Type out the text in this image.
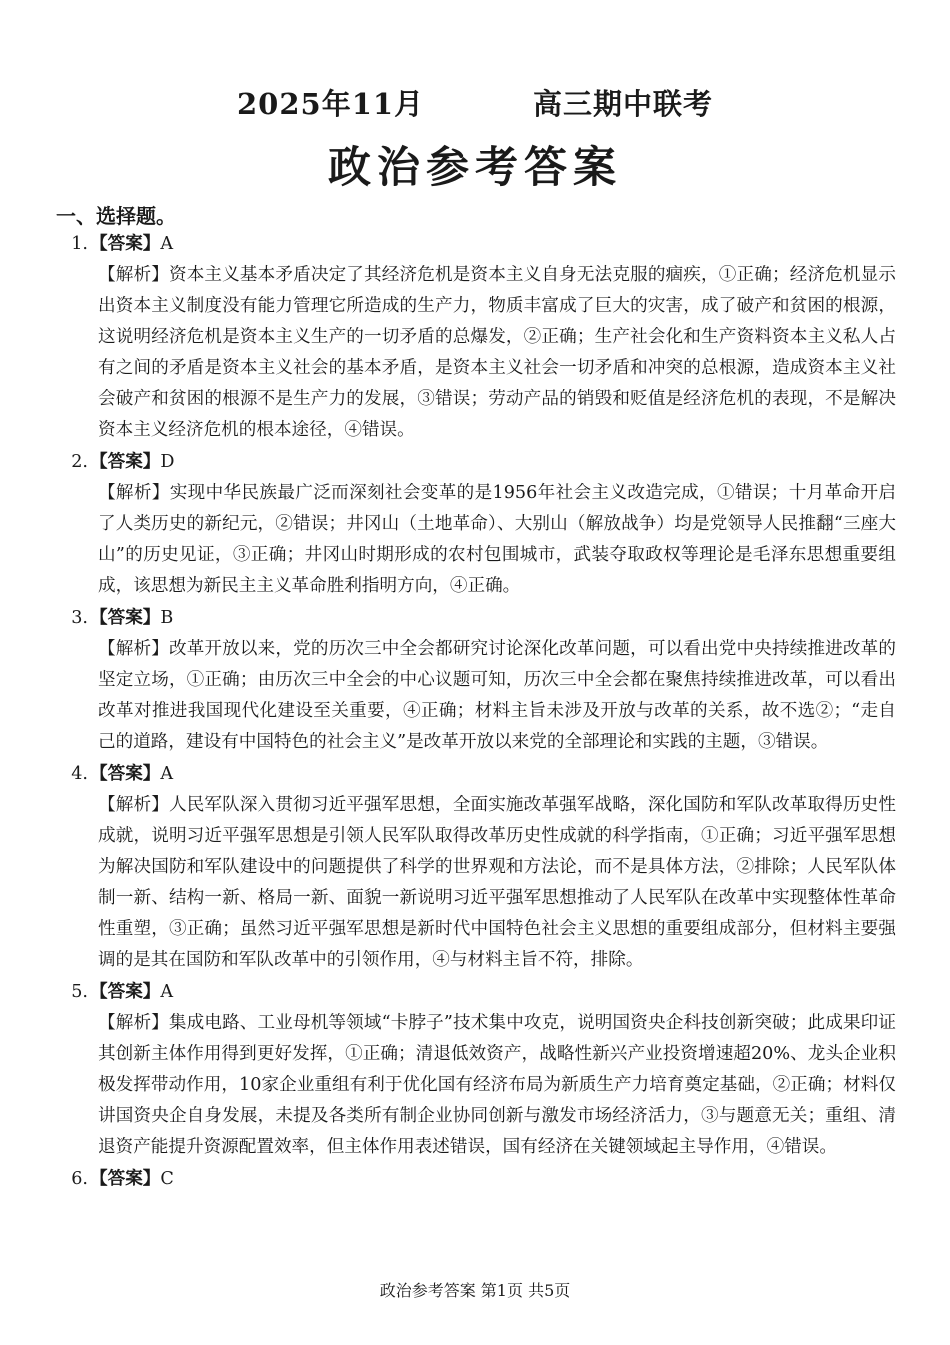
2025年11月	高三期中联考
政治参考答案
一、选择题。
1. 【答案】A
【解析】资本主义基本矛盾决定了其经济危机是资本主义自身无法克服的痼疾，①正确；经济危机显示出资本主义制度没有能力管理它所造成的生产力，物质丰富成了巨大的灾害，成了破产和贫困的根源，这说明经济危机是资本主义生产的一切矛盾的总爆发，②正确；生产社会化和生产资料资本主义私人占有之间的矛盾是资本主义社会的基本矛盾，是资本主义社会一切矛盾和冲突的总根源，造成资本主义社会破产和贫困的根源不是生产力的发展，③错误；劳动产品的销毁和贬值是经济危机的表现，不是解决资本主义经济危机的根本途径，④错误。
2. 【答案】D
【解析】实现中华民族最广泛而深刻社会变革的是1956年社会主义改造完成，①错误；十月革命开启了人类历史的新纪元，②错误；井冈山（土地革命）、大别山（解放战争）均是党领导人民推翻“三座大山”的历史见证，③正确；井冈山时期形成的农村包围城市，武装夺取政权等理论是毛泽东思想重要组成，该思想为新民主主义革命胜利指明方向，④正确。
3. 【答案】B
【解析】改革开放以来，党的历次三中全会都研究讨论深化改革问题，可以看出党中央持续推进改革的坚定立场，①正确；由历次三中全会的中心议题可知，历次三中全会都在聚焦持续推进改革，可以看出改革对推进我国现代化建设至关重要，④正确；材料主旨未涉及开放与改革的关系，故不选②；“走自己的道路，建设有中国特色的社会主义”是改革开放以来党的全部理论和实践的主题，③错误。
4. 【答案】A
【解析】人民军队深入贯彻习近平强军思想，全面实施改革强军战略，深化国防和军队改革取得历史性成就，说明习近平强军思想是引领人民军队取得改革历史性成就的科学指南，①正确；习近平强军思想为解决国防和军队建设中的问题提供了科学的世界观和方法论，而不是具体方法，②排除；人民军队体制一新、结构一新、格局一新、面貌一新说明习近平强军思想推动了人民军队在改革中实现整体性革命性重塑，③正确；虽然习近平强军思想是新时代中国特色社会主义思想的重要组成部分，但材料主要强调的是其在国防和军队改革中的引领作用，④与材料主旨不符，排除。
5. 【答案】A
【解析】集成电路、工业母机等领域“卡脖子”技术集中攻克，说明国资央企科技创新突破；此成果印证其创新主体作用得到更好发挥，①正确；清退低效资产，战略性新兴产业投资增速超20%、龙头企业积极发挥带动作用，10家企业重组有利于优化国有经济布局为新质生产力培育奠定基础，②正确；材料仅讲国资央企自身发展，未提及各类所有制企业协同创新与激发市场经济活力，③与题意无关；重组、清退资产能提升资源配置效率，但主体作用表述错误，国有经济在关键领域起主导作用，④错误。
6. 【答案】C
政治参考答案 第1页 共5页
